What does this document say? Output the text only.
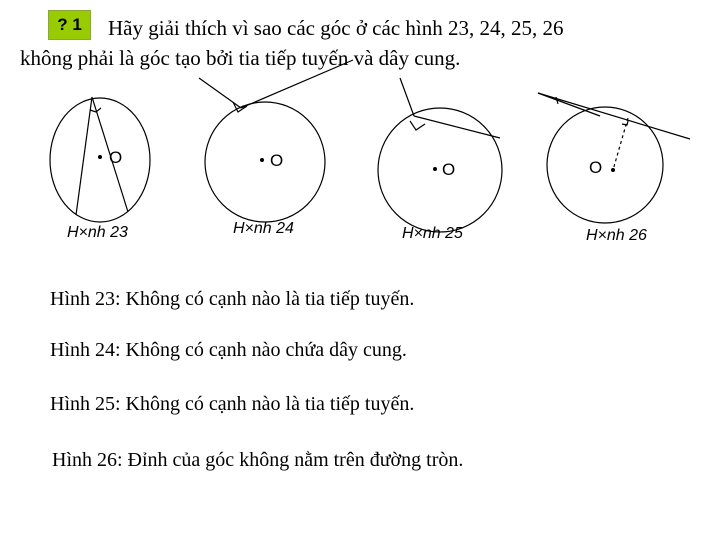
? 1	Hãy giải thích vì sao các góc ở các hình 23, 24, 25, 26
không phải là góc tạo bởi tia tiếp tuyến và dây cung.
O	O	O	O
H×nh 23	H×nh 24	H×nh 25	H×nh 26
Hình 23: Không có cạnh nào là tia tiếp tuyến.
Hình 24: Không có cạnh nào chứa dây cung.
Hình 25: Không có cạnh nào là tia tiếp tuyến.
Hình 26: Đỉnh của góc không nằm trên đường tròn.
